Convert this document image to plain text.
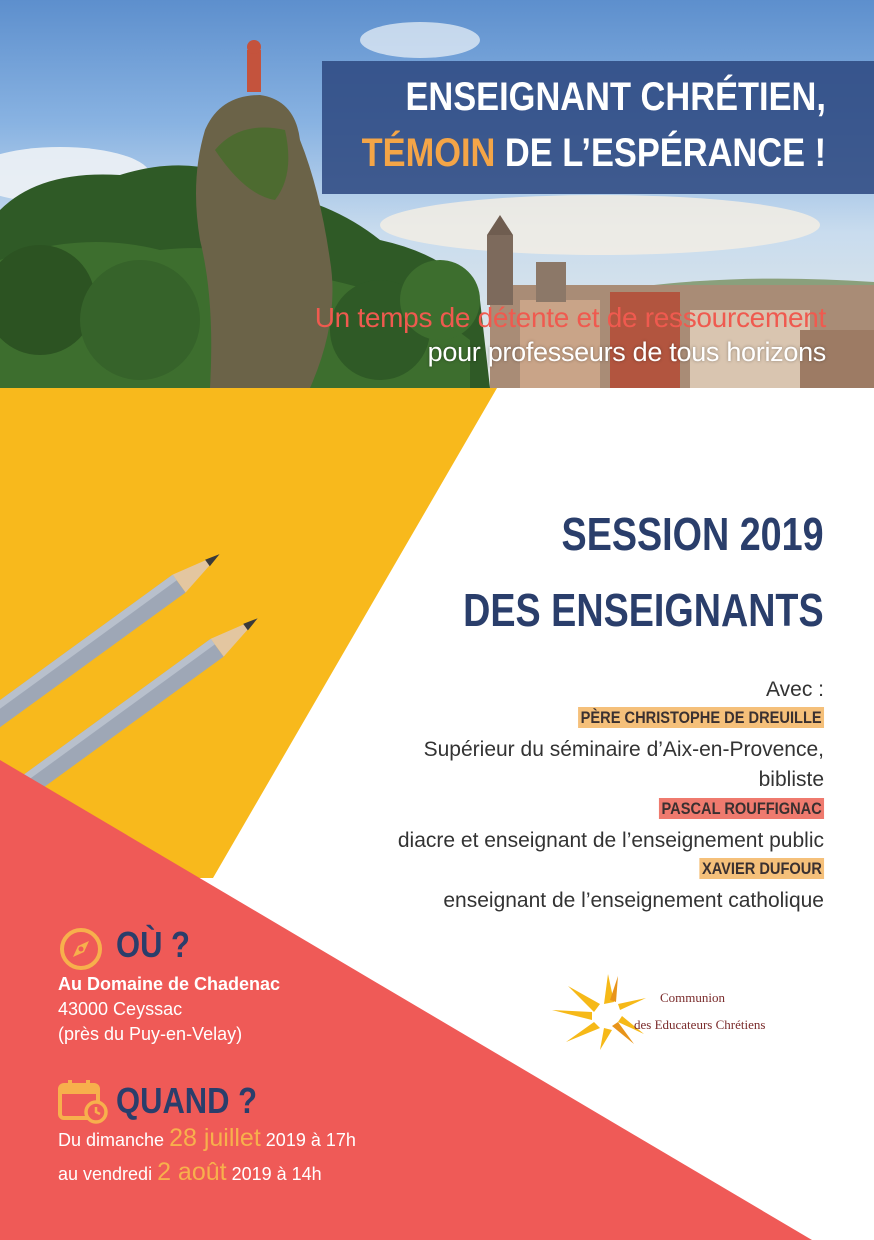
ENSEIGNANT CHRÉTIEN,
TÉMOIN DE L’ESPÉRANCE !
Un temps de détente et de ressourcement
pour professeurs de tous horizons
SESSION 2019
DES ENSEIGNANTS
Avec :
PÈRE CHRISTOPHE DE DREUILLE
Supérieur du séminaire d’Aix-en-Provence,
bibliste
PASCAL ROUFFIGNAC
diacre et enseignant de l’enseignement public
XAVIER DUFOUR
enseignant de l’enseignement catholique
Communion
des Educateurs Chrétiens
OÙ ?
Au Domaine de Chadenac
43000 Ceyssac
(près du Puy-en-Velay)
QUAND ?
Du dimanche 28 juillet 2019 à 17h
au vendredi 2 août 2019 à 14h
